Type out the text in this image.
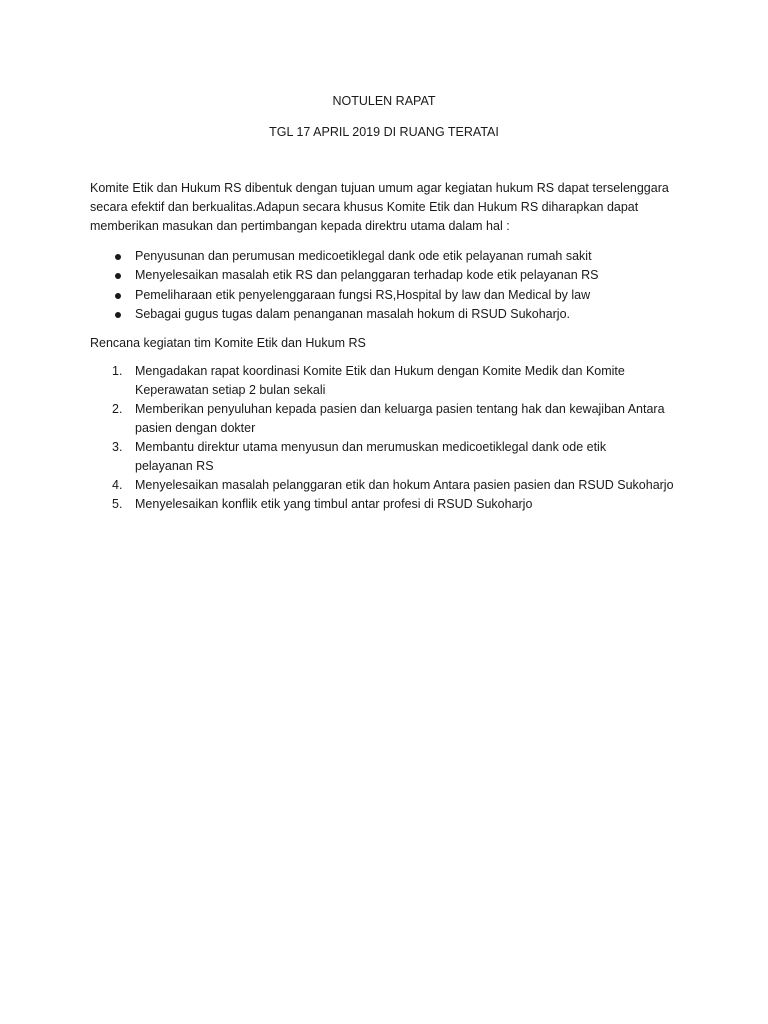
NOTULEN RAPAT
TGL 17 APRIL 2019 DI RUANG TERATAI
Komite Etik dan Hukum RS dibentuk dengan tujuan umum agar kegiatan hukum RS dapat terselenggara
secara efektif dan berkualitas.Adapun secara khusus Komite Etik dan Hukum RS diharapkan dapat
memberikan masukan dan pertimbangan kepada direktru utama dalam hal :
Penyusunan dan perumusan medicoetiklegal dank ode etik pelayanan rumah sakit
Menyelesaikan masalah etik RS dan pelanggaran terhadap kode etik pelayanan RS
Pemeliharaan etik penyelenggaraan fungsi RS,Hospital by law dan Medical by law
Sebagai gugus tugas dalam penanganan masalah hokum di RSUD Sukoharjo.
Rencana kegiatan tim Komite Etik dan Hukum RS
1. Mengadakan rapat koordinasi Komite Etik dan Hukum dengan Komite Medik dan Komite
Keperawatan setiap 2 bulan sekali
2. Memberikan penyuluhan kepada pasien dan keluarga pasien tentang hak dan kewajiban Antara
pasien dengan dokter
3. Membantu direktur utama menyusun dan merumuskan medicoetiklegal dank ode etik
pelayanan RS
4. Menyelesaikan masalah pelanggaran etik dan hokum Antara pasien pasien dan RSUD Sukoharjo
5. Menyelesaikan konflik etik yang timbul antar profesi di RSUD Sukoharjo
